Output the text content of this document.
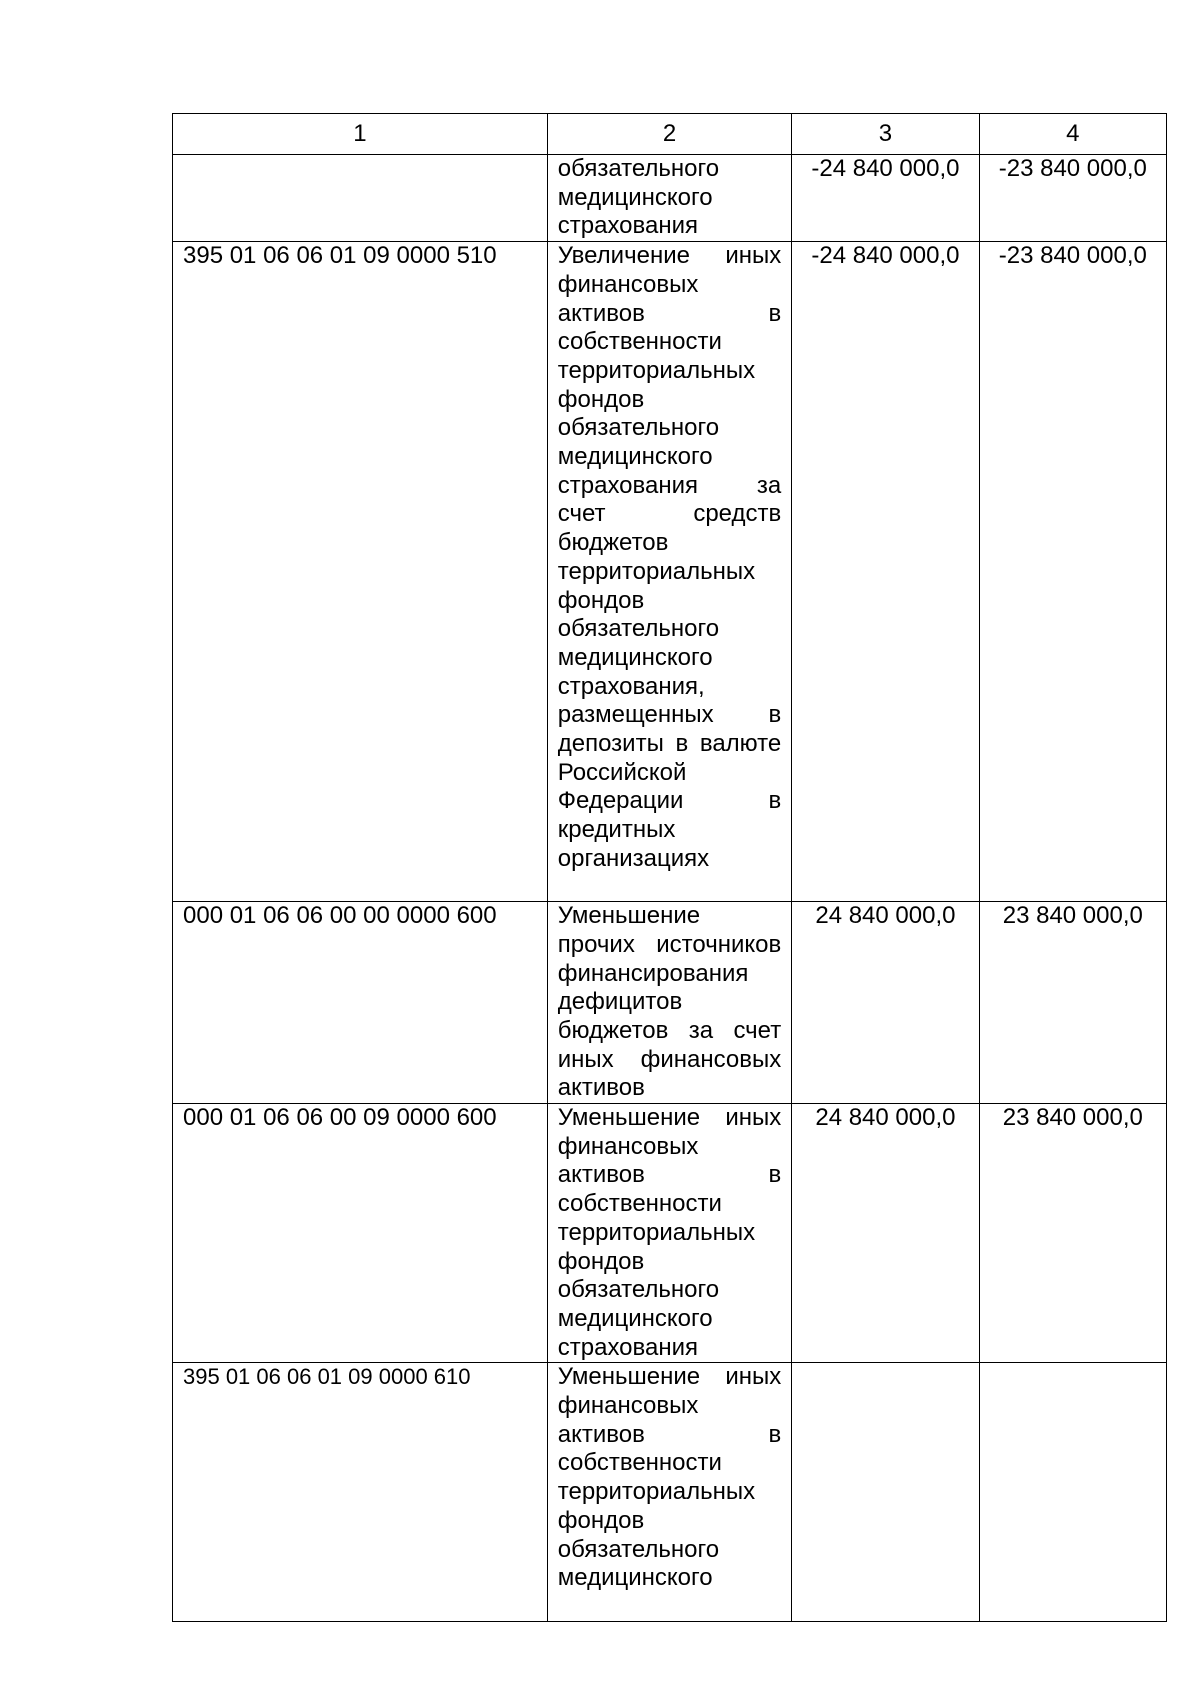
1	2	3	4
	обязательного медицинского страхования	-24 840 000,0	-23 840 000,0
395 01 06 06 01 09 0000 510	Увеличение иных финансовых активов в собственности территориальных фондов обязательного медицинского страхования за счет средств бюджетов территориальных фондов обязательного медицинского страхования, размещенных в депозиты в валюте Российской Федерации в кредитных организациях	-24 840 000,0	-23 840 000,0
000 01 06 06 00 00 0000 600	Уменьшение прочих источников финансирования дефицитов бюджетов за счет иных финансовых активов	24 840 000,0	23 840 000,0
000 01 06 06 00 09 0000 600	Уменьшение иных финансовых активов в собственности территориальных фондов обязательного медицинского страхования	24 840 000,0	23 840 000,0
395 01 06 06 01 09 0000 610	Уменьшение иных финансовых активов в собственности территориальных фондов обязательного медицинского		
